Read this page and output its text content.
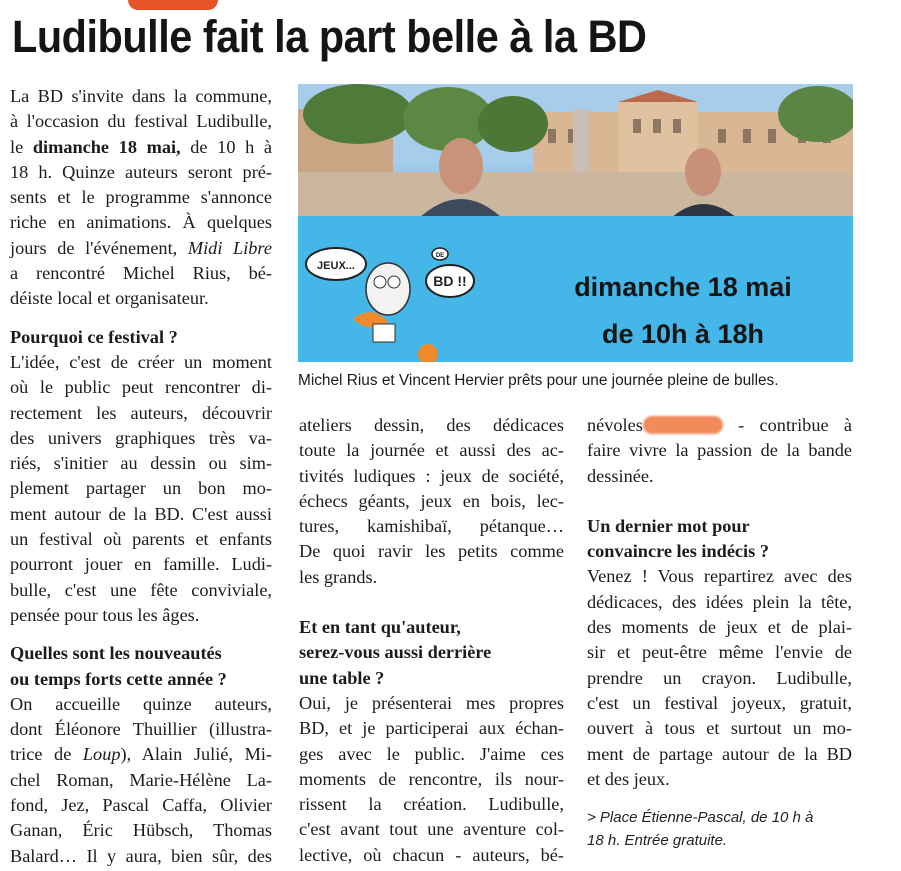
Ludibulle fait la part belle à la BD

La BD s'invite dans la commune,

à l'occasion du festival Ludibulle,

le dimanche 18 mai, de 10 h à

18 h. Quinze auteurs seront pré-

sents et le programme s'annonce

riche en animations. À quelques

jours de l'événement, Midi Libre

a rencontré Michel Rius, bé-

déiste local et organisateur.

Pourquoi ce festival ?

L'idée, c'est de créer un moment

où le public peut rencontrer di-

rectement les auteurs, découvrir

des univers graphiques très va-

riés, s'initier au dessin ou sim-

plement partager un bon mo-

ment autour de la BD. C'est aussi

un festival où parents et enfants

pourront jouer en famille. Ludi-

bulle, c'est une fête conviviale,

pensée pour tous les âges.

Quelles sont les nouveautés

ou temps forts cette année ?

On accueille quinze auteurs,

dont Éléonore Thuillier (illustra-

trice de Loup), Alain Julié, Mi-

chel Roman, Marie-Hélène La-

fond, Jez, Pascal Caffa, Olivier

Ganan, Éric Hübsch, Thomas

Balard… Il y aura, bien sûr, des

JEUX...
DE
BD !!	dimanche 18 mai
de 10h à 18h

Michel Rius et Vincent Hervier prêts pour une journée pleine de bulles.

ateliers dessin, des dédicaces

toute la journée et aussi des ac-

tivités ludiques : jeux de société,

échecs géants, jeux en bois, lec-

tures, kamishibaï, pétanque…

De quoi ravir les petits comme

les grands.

Et en tant qu'auteur,

serez-vous aussi derrière

une table ?

Oui, je présenterai mes propres

BD, et je participerai aux échan-

ges avec le public. J'aime ces

moments de rencontre, ils nour-

rissent la création. Ludibulle,

c'est avant tout une aventure col-

lective, où chacun - auteurs, bé-

névoles	- contribue à

faire vivre la passion de la bande

dessinée.

Un dernier mot pour

convaincre les indécis ?

Venez ! Vous repartirez avec des

dédicaces, des idées plein la tête,

des moments de jeux et de plai-

sir et peut-être même l'envie de

prendre un crayon. Ludibulle,

c'est un festival joyeux, gratuit,

ouvert à tous et surtout un mo-

ment de partage autour de la BD

et des jeux.

> Place Étienne-Pascal, de 10 h à
18 h. Entrée gratuite.
